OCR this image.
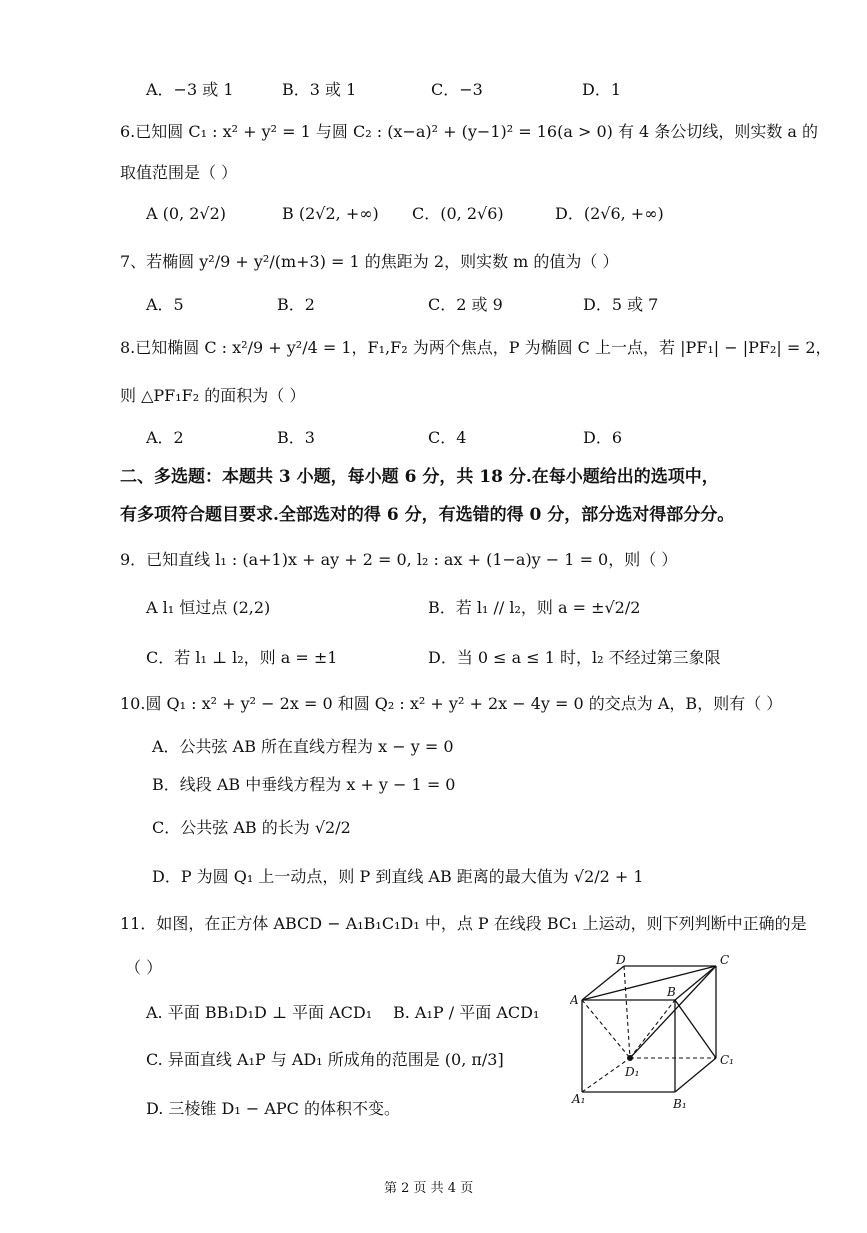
A．−3 或 1	B．3 或 1	C．−3	D．1
6.已知圆 C₁ : x² + y² = 1 与圆 C₂ : (x−a)² + (y−1)² = 16(a > 0) 有 4 条公切线，则实数 a 的
取值范围是（ ）
A (0, 2√2)	B (2√2, +∞) C．(0, 2√6)	D．(2√6, +∞)
7、若椭圆 y²/9 + y²/(m+3) = 1 的焦距为 2，则实数 m 的值为（ ）
A．5	B．2	C．2 或 9	D．5 或 7
8.已知椭圆 C : x²/9 + y²/4 = 1，F₁,F₂ 为两个焦点，P 为椭圆 C 上一点，若 |PF₁| − |PF₂| = 2，
则 △PF₁F₂ 的面积为（ ）
A．2	B．3	C．4	D．6
二、多选题：本题共 3 小题，每小题 6 分，共 18 分.在每小题给出的选项中，
有多项符合题目要求.全部选对的得 6 分，有选错的得 0 分，部分选对得部分分。
9．已知直线 l₁ : (a+1)x + ay + 2 = 0, l₂ : ax + (1−a)y − 1 = 0，则（ ）
A l₁ 恒过点 (2,2)	B．若 l₁ // l₂，则 a = ±√2/2
C．若 l₁ ⊥ l₂，则 a = ±1	D．当 0 ≤ a ≤ 1 时，l₂ 不经过第三象限
10.圆 Q₁ : x² + y² − 2x = 0 和圆 Q₂ : x² + y² + 2x − 4y = 0 的交点为 A，B，则有（ ）
A．公共弦 AB 所在直线方程为 x − y = 0
B．线段 AB 中垂线方程为 x + y − 1 = 0
C．公共弦 AB 的长为 √2/2
D．P 为圆 Q₁ 上一动点，则 P 到直线 AB 距离的最大值为 √2/2 + 1
11．如图，在正方体 ABCD − A₁B₁C₁D₁ 中，点 P 在线段 BC₁ 上运动，则下列判断中正确的是
（ ）
A. 平面 BB₁D₁D ⊥ 平面 ACD₁ B. A₁P / 平面 ACD₁
C. 异面直线 A₁P 与 AD₁ 所成角的范围是 (0, π/3]
D. 三棱锥 D₁ − APC 的体积不变。
D	C
A
B
D₁
C₁
B₁
A₁
第 2 页 共 4 页
